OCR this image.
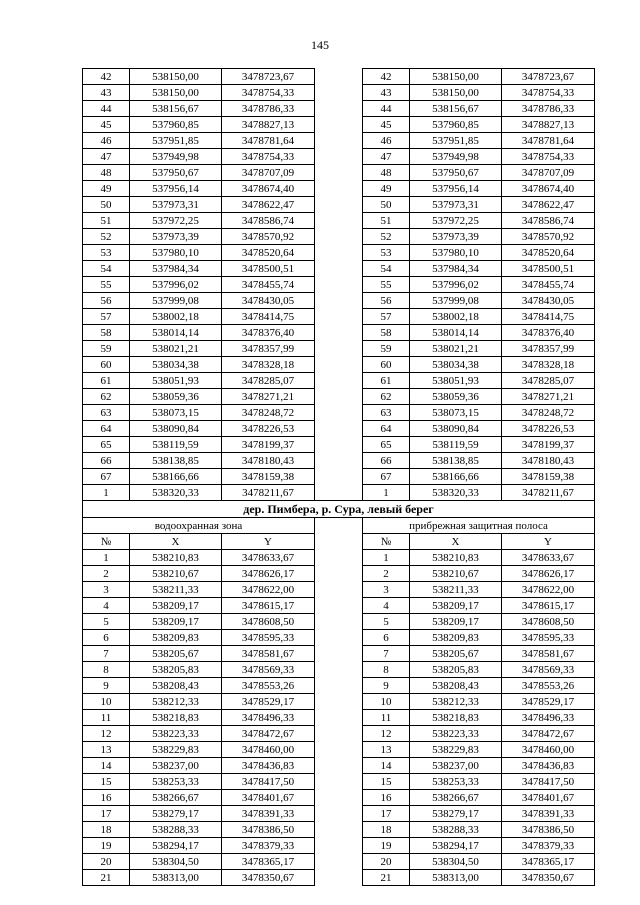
145
42	538150,00	3478723,67		42	538150,00	3478723,67
43	538150,00	3478754,33		43	538150,00	3478754,33
44	538156,67	3478786,33		44	538156,67	3478786,33
45	537960,85	3478827,13		45	537960,85	3478827,13
46	537951,85	3478781,64		46	537951,85	3478781,64
47	537949,98	3478754,33		47	537949,98	3478754,33
48	537950,67	3478707,09		48	537950,67	3478707,09
49	537956,14	3478674,40		49	537956,14	3478674,40
50	537973,31	3478622,47		50	537973,31	3478622,47
51	537972,25	3478586,74		51	537972,25	3478586,74
52	537973,39	3478570,92		52	537973,39	3478570,92
53	537980,10	3478520,64		53	537980,10	3478520,64
54	537984,34	3478500,51		54	537984,34	3478500,51
55	537996,02	3478455,74		55	537996,02	3478455,74
56	537999,08	3478430,05		56	537999,08	3478430,05
57	538002,18	3478414,75		57	538002,18	3478414,75
58	538014,14	3478376,40		58	538014,14	3478376,40
59	538021,21	3478357,99		59	538021,21	3478357,99
60	538034,38	3478328,18		60	538034,38	3478328,18
61	538051,93	3478285,07		61	538051,93	3478285,07
62	538059,36	3478271,21		62	538059,36	3478271,21
63	538073,15	3478248,72		63	538073,15	3478248,72
64	538090,84	3478226,53		64	538090,84	3478226,53
65	538119,59	3478199,37		65	538119,59	3478199,37
66	538138,85	3478180,43		66	538138,85	3478180,43
67	538166,66	3478159,38		67	538166,66	3478159,38
1	538320,33	3478211,67		1	538320,33	3478211,67
дер. Пимбера, р. Сура, левый берег						
водоохранная зона				прибрежная защитная полоса		
№	X	Y		№	X	Y
1	538210,83	3478633,67		1	538210,83	3478633,67
2	538210,67	3478626,17		2	538210,67	3478626,17
3	538211,33	3478622,00		3	538211,33	3478622,00
4	538209,17	3478615,17		4	538209,17	3478615,17
5	538209,17	3478608,50		5	538209,17	3478608,50
6	538209,83	3478595,33		6	538209,83	3478595,33
7	538205,67	3478581,67		7	538205,67	3478581,67
8	538205,83	3478569,33		8	538205,83	3478569,33
9	538208,43	3478553,26		9	538208,43	3478553,26
10	538212,33	3478529,17		10	538212,33	3478529,17
11	538218,83	3478496,33		11	538218,83	3478496,33
12	538223,33	3478472,67		12	538223,33	3478472,67
13	538229,83	3478460,00		13	538229,83	3478460,00
14	538237,00	3478436,83		14	538237,00	3478436,83
15	538253,33	3478417,50		15	538253,33	3478417,50
16	538266,67	3478401,67		16	538266,67	3478401,67
17	538279,17	3478391,33		17	538279,17	3478391,33
18	538288,33	3478386,50		18	538288,33	3478386,50
19	538294,17	3478379,33		19	538294,17	3478379,33
20	538304,50	3478365,17		20	538304,50	3478365,17
21	538313,00	3478350,67		21	538313,00	3478350,67
